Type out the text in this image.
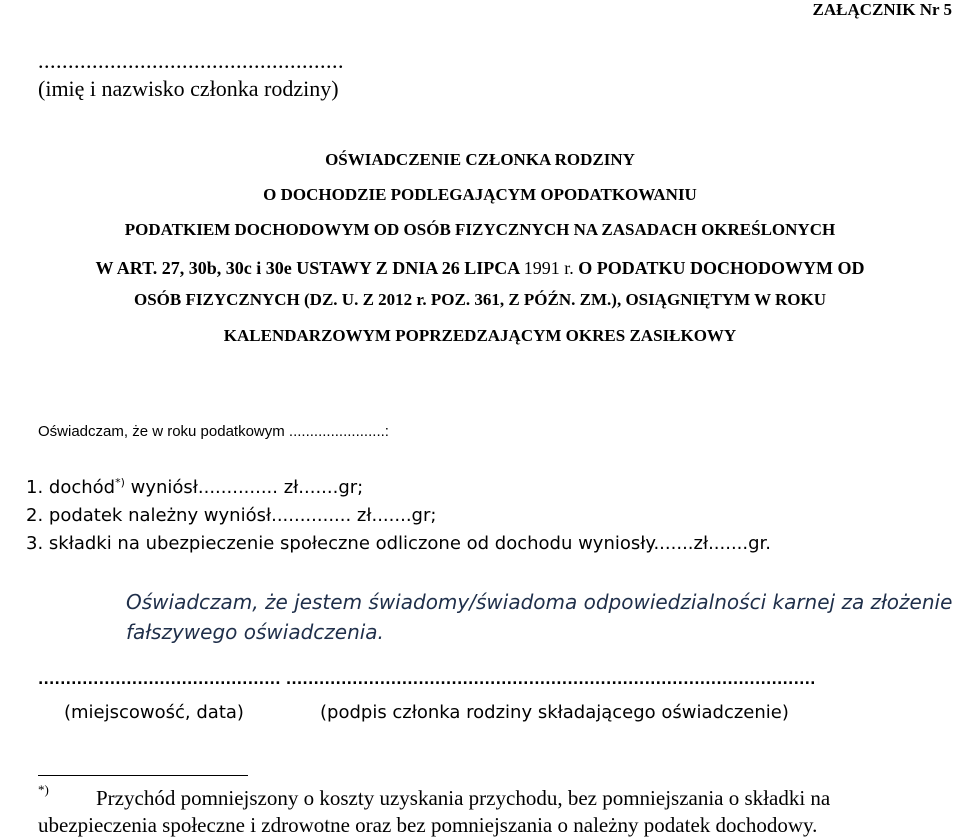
ZAŁĄCZNIK Nr 5
...................................................
(imię i nazwisko członka rodziny)
OŚWIADCZENIE CZŁONKA RODZINY
O DOCHODZIE PODLEGAJĄCYM OPODATKOWANIU
PODATKIEM DOCHODOWYM OD OSÓB FIZYCZNYCH NA ZASADACH OKREŚLONYCH
W ART. 27, 30b, 30c i 30e USTAWY Z DNIA 26 LIPCA 1991 r. O PODATKU DOCHODOWYM OD
OSÓB FIZYCZNYCH (DZ. U. Z 2012 r. POZ. 361, Z PÓŹN. ZM.), OSIĄGNIĘTYM W ROKU
KALENDARZOWYM POPRZEDZAJĄCYM OKRES ZASIŁKOWY
Oświadczam, że w roku podatkowym .......................:
1. dochód*) wyniósł.............. zł.......gr;
2. podatek należny wyniósł.............. zł.......gr;
3. składki na ubezpieczenie społeczne odliczone od dochodu wyniosły.......zł.......gr.
Oświadczam, że jestem świadomy/świadoma odpowiedzialności karnej za złożenie
fałszywego oświadczenia.
............................................ ................................................................................................
(miejscowość, data)	(podpis członka rodziny składającego oświadczenie)
*) Przychód pomniejszony o koszty uzyskania przychodu, bez pomniejszania o składki na
ubezpieczenia społeczne i zdrowotne oraz bez pomniejszania o należny podatek dochodowy.
